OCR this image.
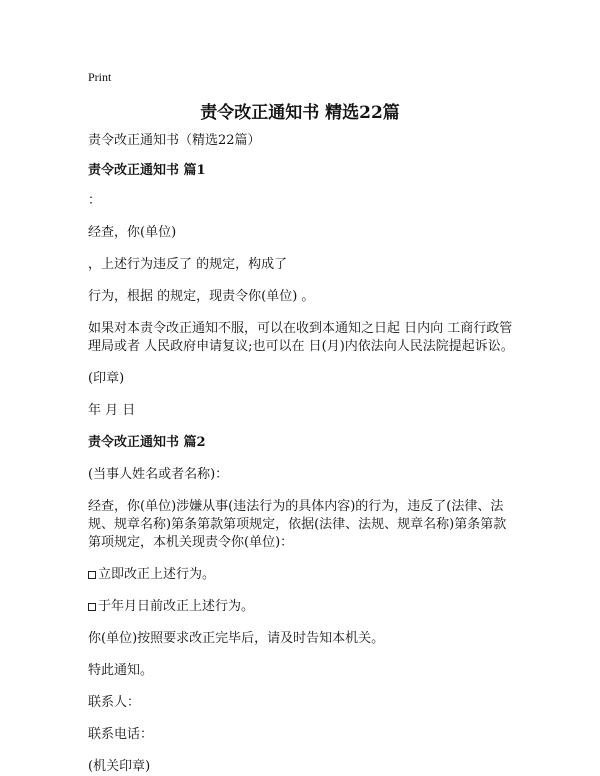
Print
责令改正通知书 精选22篇

责令改正通知书（精选22篇）

责令改正通知书 篇1

：

经查，你(单位)

，上述行为违反了 的规定，构成了

行为，根据 的规定，现责令你(单位) 。

如果对本责令改正通知不服，可以在收到本通知之日起 日内向 工商行政管理局或者 人民政府申请复议;也可以在 日(月)内依法向人民法院提起诉讼。

(印章)

年 月 日

责令改正通知书 篇2

(当事人姓名或者名称)：

经查，你(单位)涉嫌从事(违法行为的具体内容)的行为，违反了(法律、法规、规章名称)第条第款第项规定，依据(法律、法规、规章名称)第条第款第项规定，本机关现责令你(单位)：

立即改正上述行为。

于年月日前改正上述行为。

你(单位)按照要求改正完毕后，请及时告知本机关。

特此通知。

联系人：

联系电话：

(机关印章)
